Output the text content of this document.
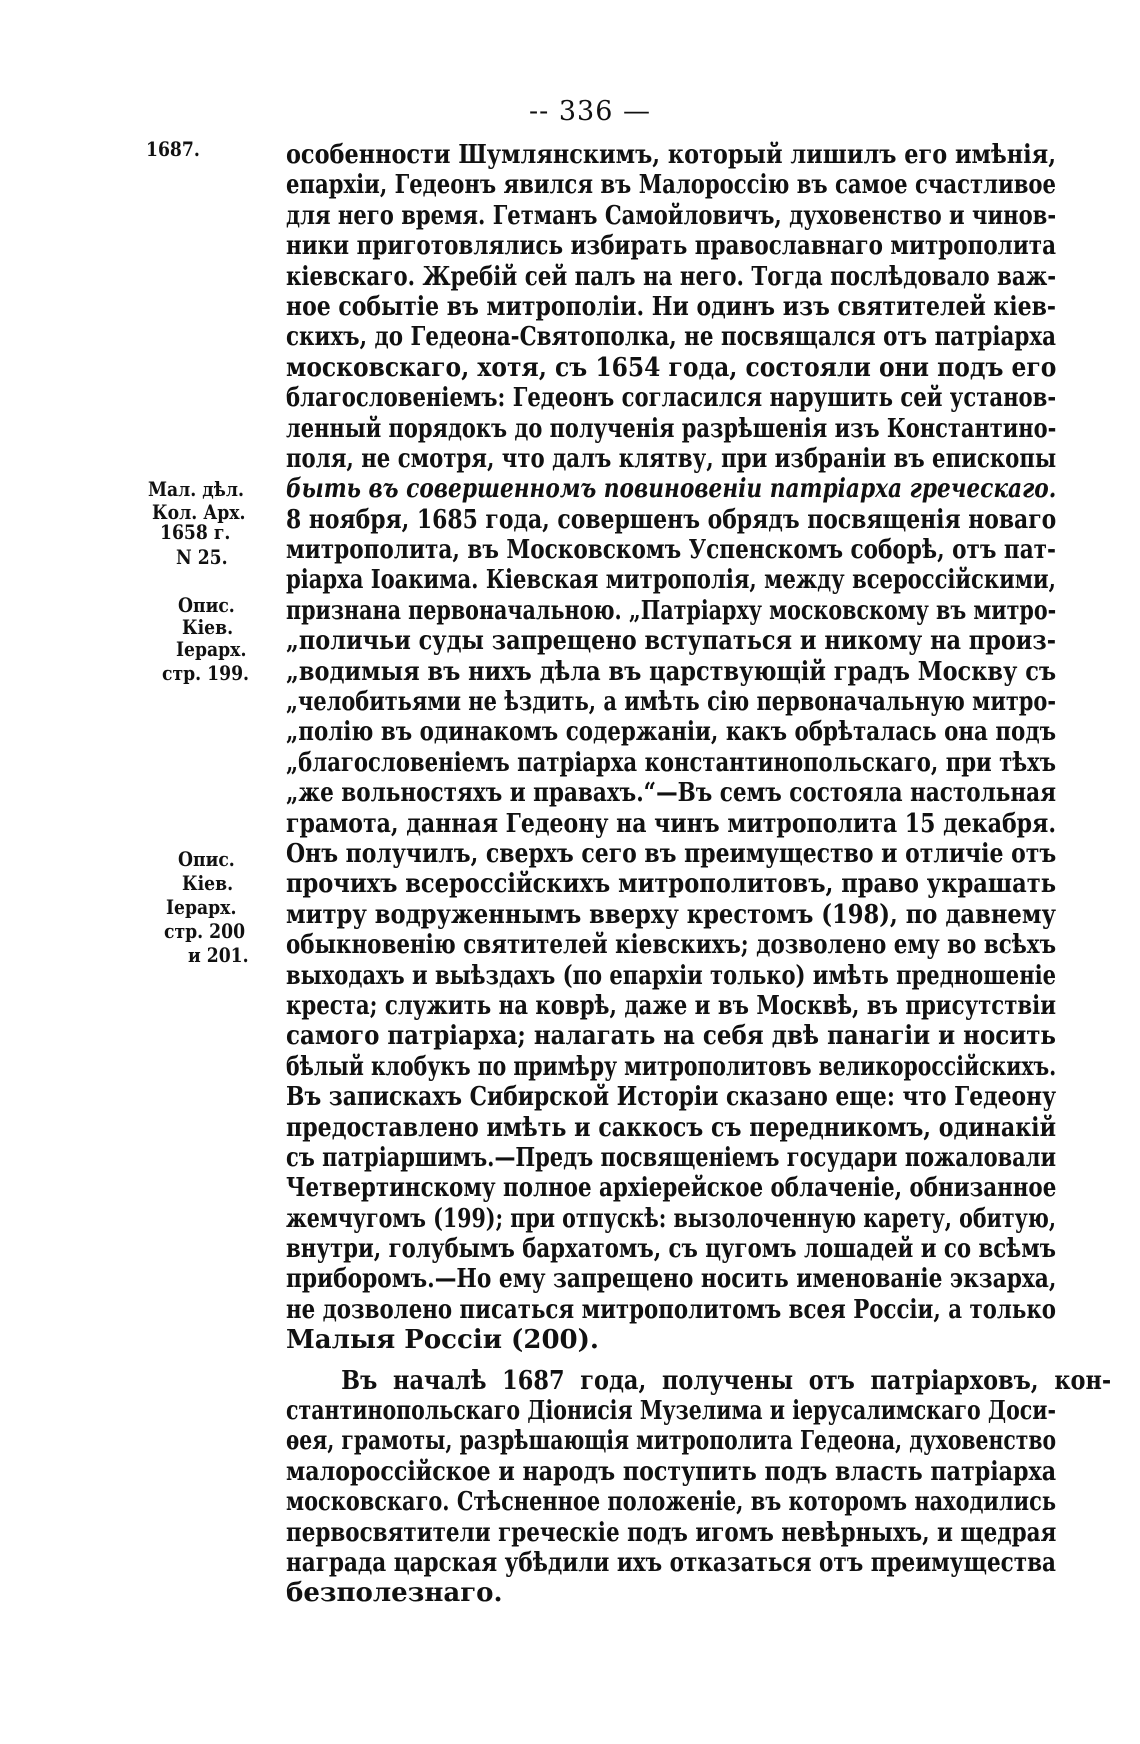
-- 336 —
1687.
Мал. дѣл.
Кол. Арх.
1658 г.
N 25.
Опис.
Кіев.
Іерарх.
стр. 199.
Опис.
Кіев.
Іерарх.
стр. 200
и 201.
особенности Шумлянскимъ, который лишилъ его имѣнія,
епархіи, Гедеонъ явился въ Малороссію въ самое счастливое
для него время. Гетманъ Самойловичъ, духовенство и чинов-
ники приготовлялись избирать православнаго митрополита
кіевскаго. Жребій сей палъ на него. Тогда послѣдовало важ-
ное событіе въ митрополіи. Ни одинъ изъ святителей кіев-
скихъ, до Гедеона-Святополка, не посвящался отъ патріарха
московскаго, хотя, съ 1654 года, состояли они подъ его
благословеніемъ: Гедеонъ согласился нарушить сей установ-
ленный порядокъ до полученія разрѣшенія изъ Константино-
поля, не смотря, что далъ клятву, при избраніи въ епископы
быть въ совершенномъ повиновеніи патріарха греческаго.
8 ноября, 1685 года, совершенъ обрядъ посвященія новаго
митрополита, въ Московскомъ Успенскомъ соборѣ, отъ пат-
ріарха Іоакима. Кіевская митрополія, между всероссійскими,
признана первоначальною. „Патріарху московскому въ митро-
„поличьи суды запрещено вступаться и никому на произ-
„водимыя въ нихъ дѣла въ царствующій градъ Москву съ
„челобитьями не ѣздить, а имѣть сію первоначальную митро-
„полію въ одинакомъ содержаніи, какъ обрѣталась она подъ
„благословеніемъ патріарха константинопольскаго, при тѣхъ
„же вольностяхъ и правахъ.“—Въ семъ состояла настольная
грамота, данная Гедеону на чинъ митрополита 15 декабря.
Онъ получилъ, сверхъ сего въ преимущество и отличіе отъ
прочихъ всероссійскихъ митрополитовъ, право украшать
митру водруженнымъ вверху крестомъ (198), по давнему
обыкновенію святителей кіевскихъ; дозволено ему во всѣхъ
выходахъ и выѣздахъ (по епархіи только) имѣть предношеніе
креста; служить на коврѣ, даже и въ Москвѣ, въ присутствіи
самого патріарха; налагать на себя двѣ панагіи и носить
бѣлый клобукъ по примѣру митрополитовъ великороссійскихъ.
Въ запискахъ Сибирской Исторіи сказано еще: что Гедеону
предоставлено имѣть и саккосъ съ передникомъ, одинакій
съ патріаршимъ.—Предъ посвященіемъ государи пожаловали
Четвертинскому полное архіерейское облаченіе, обнизанное
жемчугомъ (199); при отпускѣ: вызолоченную карету, обитую,
внутри, голубымъ бархатомъ, съ цугомъ лошадей и со всѣмъ
приборомъ.—Но ему запрещено носить именованіе экзарха,
не дозволено писаться митрополитомъ всея Россіи, а только
Малыя Россіи (200).
Въ началѣ 1687 года, получены отъ патріарховъ, кон-
стантинопольскаго Діонисія Музелима и іерусалимскаго Доси-
ѳея, грамоты, разрѣшающія митрополита Гедеона, духовенство
малороссійское и народъ поступить подъ власть патріарха
московскаго. Стѣсненное положеніе, въ которомъ находились
первосвятители греческіе подъ игомъ невѣрныхъ, и щедрая
награда царская убѣдили ихъ отказаться отъ преимущества
безполезнаго.
